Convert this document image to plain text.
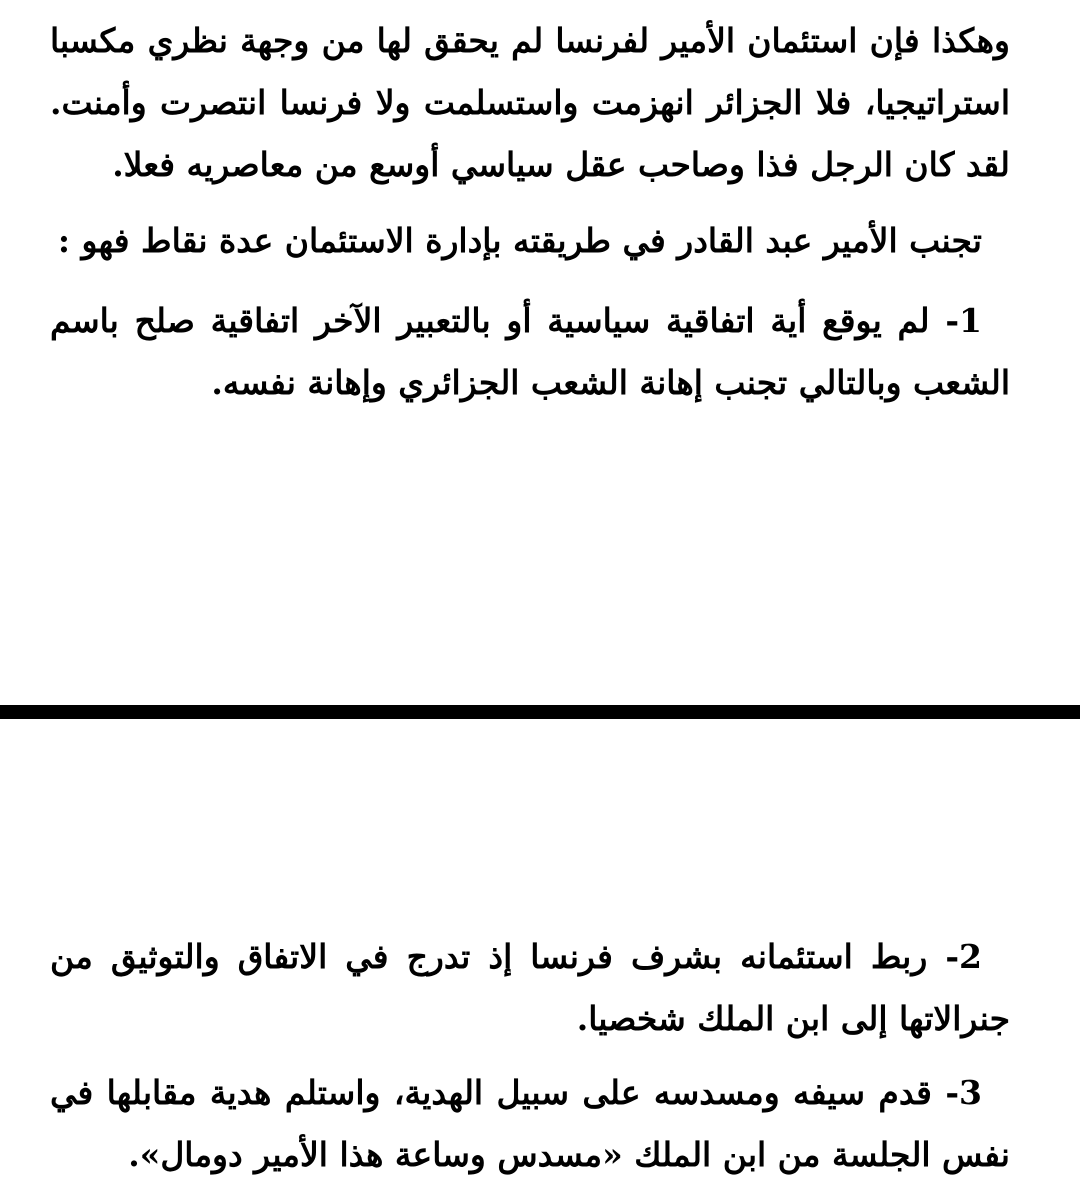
وهكذا فإن استئمان الأمير لفرنسا لم يحقق لها من وجهة نظري مكسبا استراتيجيا، فلا الجزائر انهزمت واستسلمت ولا فرنسا انتصرت وأمنت. لقد كان الرجل فذا وصاحب عقل سياسي أوسع من معاصريه فعلا.

تجنب الأمير عبد القادر في طريقته بإدارة الاستئمان عدة نقاط فهو :

1- لم يوقع أية اتفاقية سياسية أو بالتعبير الآخر اتفاقية صلح باسم الشعب وبالتالي تجنب إهانة الشعب الجزائري وإهانة نفسه.

2- ربط استئمانه بشرف فرنسا إذ تدرج في الاتفاق والتوثيق من جنرالاتها إلى ابن الملك شخصيا.

3- قدم سيفه ومسدسه على سبيل الهدية، واستلم هدية مقابلها في نفس الجلسة من ابن الملك «مسدس وساعة هذا الأمير دومال».
